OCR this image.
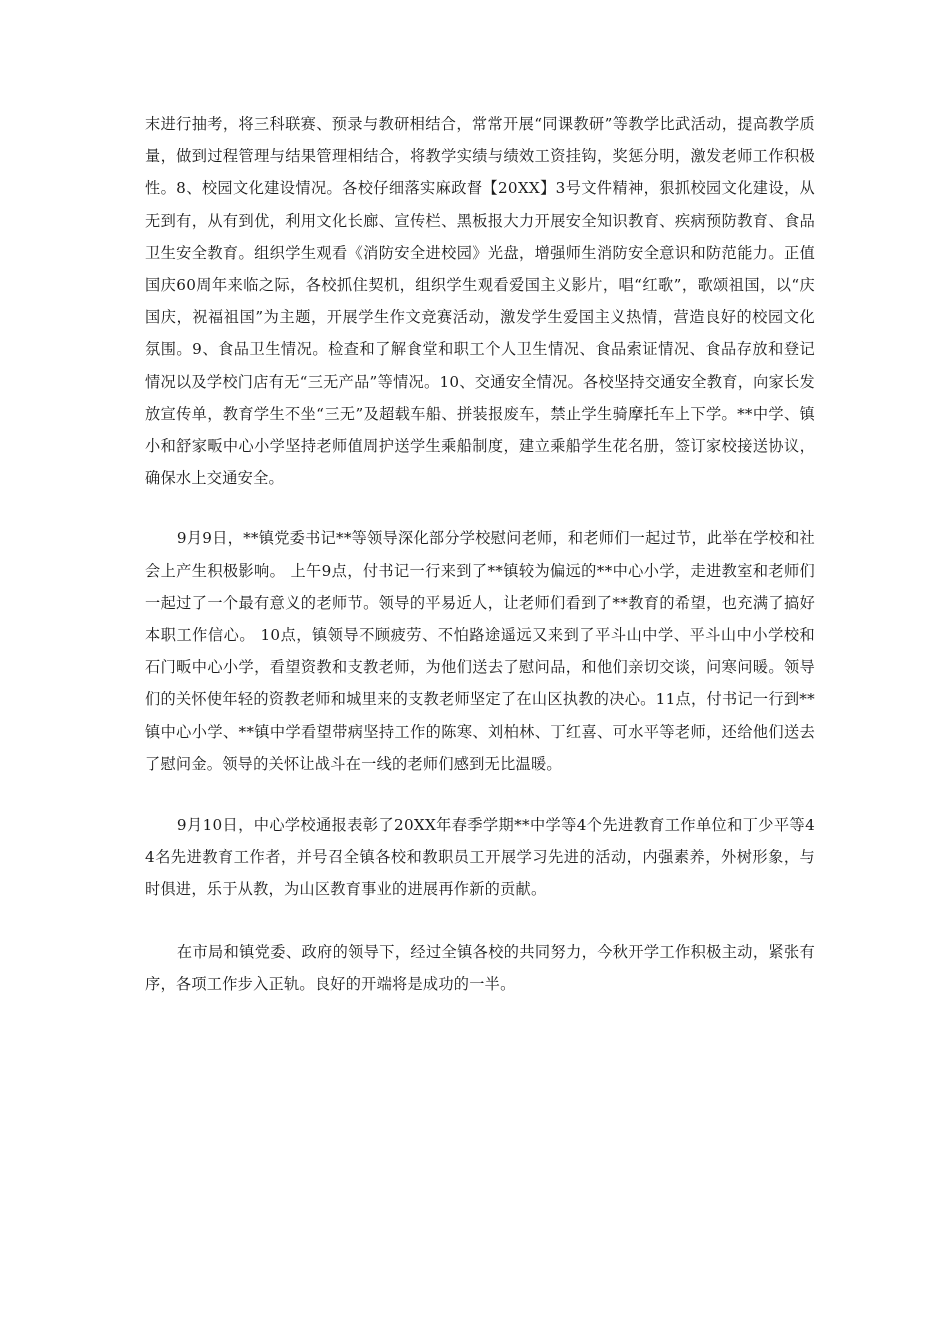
末进行抽考，将三科联赛、预录与教研相结合，常常开展“同课教研”等教学比武活动，提高教学质量，做到过程管理与结果管理相结合，将教学实绩与绩效工资挂钩，奖惩分明，激发老师工作积极性。8、校园文化建设情况。各校仔细落实麻政督【20XX】3号文件精神，狠抓校园文化建设，从无到有，从有到优，利用文化长廊、宣传栏、黑板报大力开展安全知识教育、疾病预防教育、食品卫生安全教育。组织学生观看《消防安全进校园》光盘，增强师生消防安全意识和防范能力。正值国庆60周年来临之际，各校抓住契机，组织学生观看爱国主义影片，唱“红歌”，歌颂祖国，以“庆国庆，祝福祖国”为主题，开展学生作文竞赛活动，激发学生爱国主义热情，营造良好的校园文化氛围。9、食品卫生情况。检查和了解食堂和职工个人卫生情况、食品索证情况、食品存放和登记情况以及学校门店有无“三无产品”等情况。10、交通安全情况。各校坚持交通安全教育，向家长发放宣传单，教育学生不坐“三无”及超载车船、拼装报废车，禁止学生骑摩托车上下学。**中学、镇小和舒家畈中心小学坚持老师值周护送学生乘船制度，建立乘船学生花名册，签订家校接送协议，确保水上交通安全。

9月9日，**镇党委书记**等领导深化部分学校慰问老师，和老师们一起过节，此举在学校和社会上产生积极影响。 上午9点，付书记一行来到了**镇较为偏远的**中心小学，走进教室和老师们一起过了一个最有意义的老师节。领导的平易近人，让老师们看到了**教育的希望，也充满了搞好本职工作信心。 10点，镇领导不顾疲劳、不怕路途遥远又来到了平斗山中学、平斗山中小学校和石门畈中心小学，看望资教和支教老师，为他们送去了慰问品，和他们亲切交谈，问寒问暖。领导们的关怀使年轻的资教老师和城里来的支教老师坚定了在山区执教的决心。11点，付书记一行到**镇中心小学、**镇中学看望带病坚持工作的陈寒、刘柏林、丁红喜、可水平等老师，还给他们送去了慰问金。领导的关怀让战斗在一线的老师们感到无比温暖。

9月10日，中心学校通报表彰了20XX年春季学期**中学等4个先进教育工作单位和丁少平等44名先进教育工作者，并号召全镇各校和教职员工开展学习先进的活动，内强素养，外树形象，与时俱进，乐于从教，为山区教育事业的进展再作新的贡献。

在市局和镇党委、政府的领导下，经过全镇各校的共同努力，今秋开学工作积极主动，紧张有序，各项工作步入正轨。良好的开端将是成功的一半。
